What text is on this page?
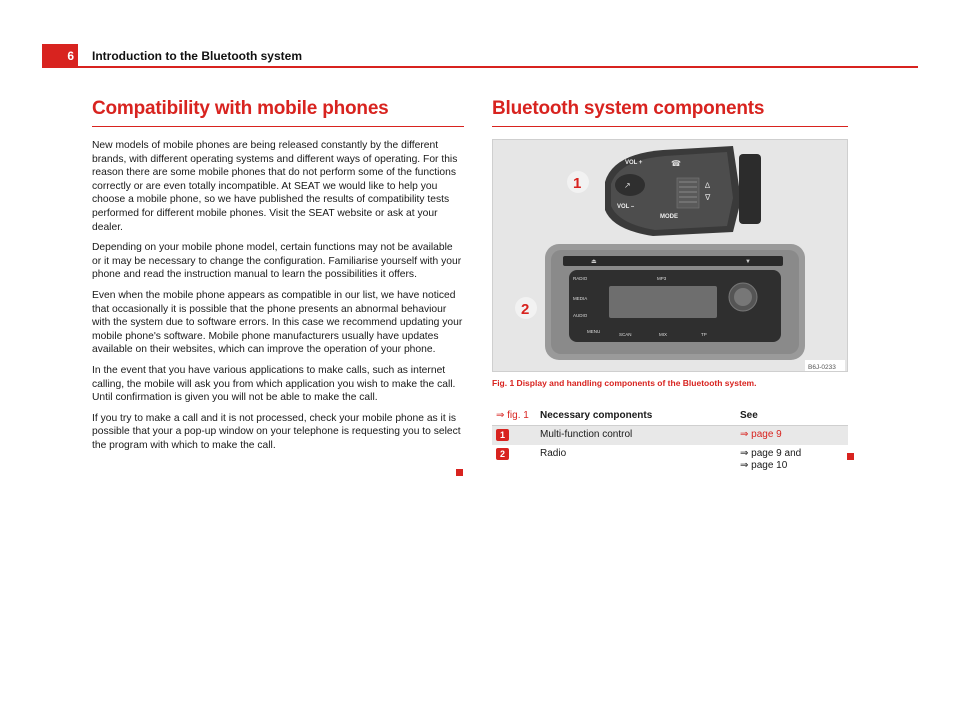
6	Introduction to the Bluetooth system
Compatibility with mobile phones

New models of mobile phones are being released constantly by the different brands, with different operating systems and different ways of operating. For this reason there are some mobile phones that do not perform some of the functions correctly or are even totally incompatible. At SEAT we would like to help you choose a mobile phone, so we have published the results of compatibility tests performed for different mobile phones. Visit the SEAT website or ask at your dealer.

Depending on your mobile phone model, certain functions may not be available or it may be necessary to change the configuration. Familiarise yourself with your phone and read the instruction manual to learn the possibilities it offers.

Even when the mobile phone appears as compatible in our list, we have noticed that occasionally it is possible that the phone presents an abnormal behaviour with the system due to software errors. In this case we recommend updating your mobile phone's software. Mobile phone manufacturers usually have updates available on their websites, which can improve the operation of your phone.

In the event that you have various applications to make calls, such as internet calling, the mobile will ask you from which application you wish to make the call. Until confirmation is given you will not be able to make the call.

If you try to make a call and it is not processed, check your mobile phone as it is possible that your a pop-up window on your telephone is requesting you to select the program with which to make the call.

Bluetooth system components
↗
VOL +
VOL –
MODE
∆
∇
☎
RADIO
MEDIA
AUDIO
MENU
SCAN	MIX	TP
MP3
⏏	▼
1
2
B6J-0233
Fig. 1 Display and handling components of the Bluetooth system.
⇒ fig. 1	Necessary components	See
1	Multi-function control	⇒ page 9
2	Radio	⇒ page 9 and
⇒ page 10
